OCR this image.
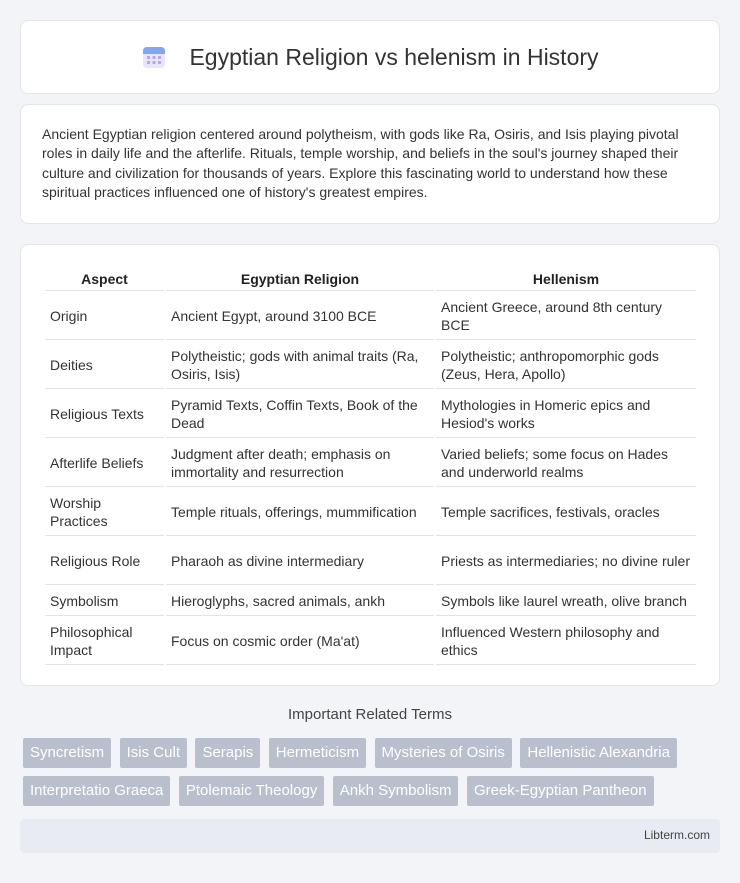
Egyptian Religion vs helenism in History

Ancient Egyptian religion centered around polytheism, with gods like Ra, Osiris, and Isis playing pivotal roles in daily life and the afterlife. Rituals, temple worship, and beliefs in the soul's journey shaped their culture and civilization for thousands of years. Explore this fascinating world to understand how these spiritual practices influenced one of history's greatest empires.

Aspect	Egyptian Religion	Hellenism
Origin	Ancient Egypt, around 3100 BCE	Ancient Greece, around 8th century BCE
Deities	Polytheistic; gods with animal traits (Ra, Osiris, Isis)	Polytheistic; anthropomorphic gods (Zeus, Hera, Apollo)
Religious Texts	Pyramid Texts, Coffin Texts, Book of the Dead	Mythologies in Homeric epics and Hesiod's works
Afterlife Beliefs	Judgment after death; emphasis on immortality and resurrection	Varied beliefs; some focus on Hades and underworld realms
Worship Practices	Temple rituals, offerings, mummification	Temple sacrifices, festivals, oracles
Religious Role	Pharaoh as divine intermediary	Priests as intermediaries; no divine ruler
Symbolism	Hieroglyphs, sacred animals, ankh	Symbols like laurel wreath, olive branch
Philosophical Impact	Focus on cosmic order (Ma'at)	Influenced Western philosophy and ethics
Important Related Terms
Syncretism Isis Cult Serapis Hermeticism Mysteries of Osiris Hellenistic Alexandria Interpretatio Graeca Ptolemaic Theology Ankh Symbolism Greek-Egyptian Pantheon
Libterm.com
